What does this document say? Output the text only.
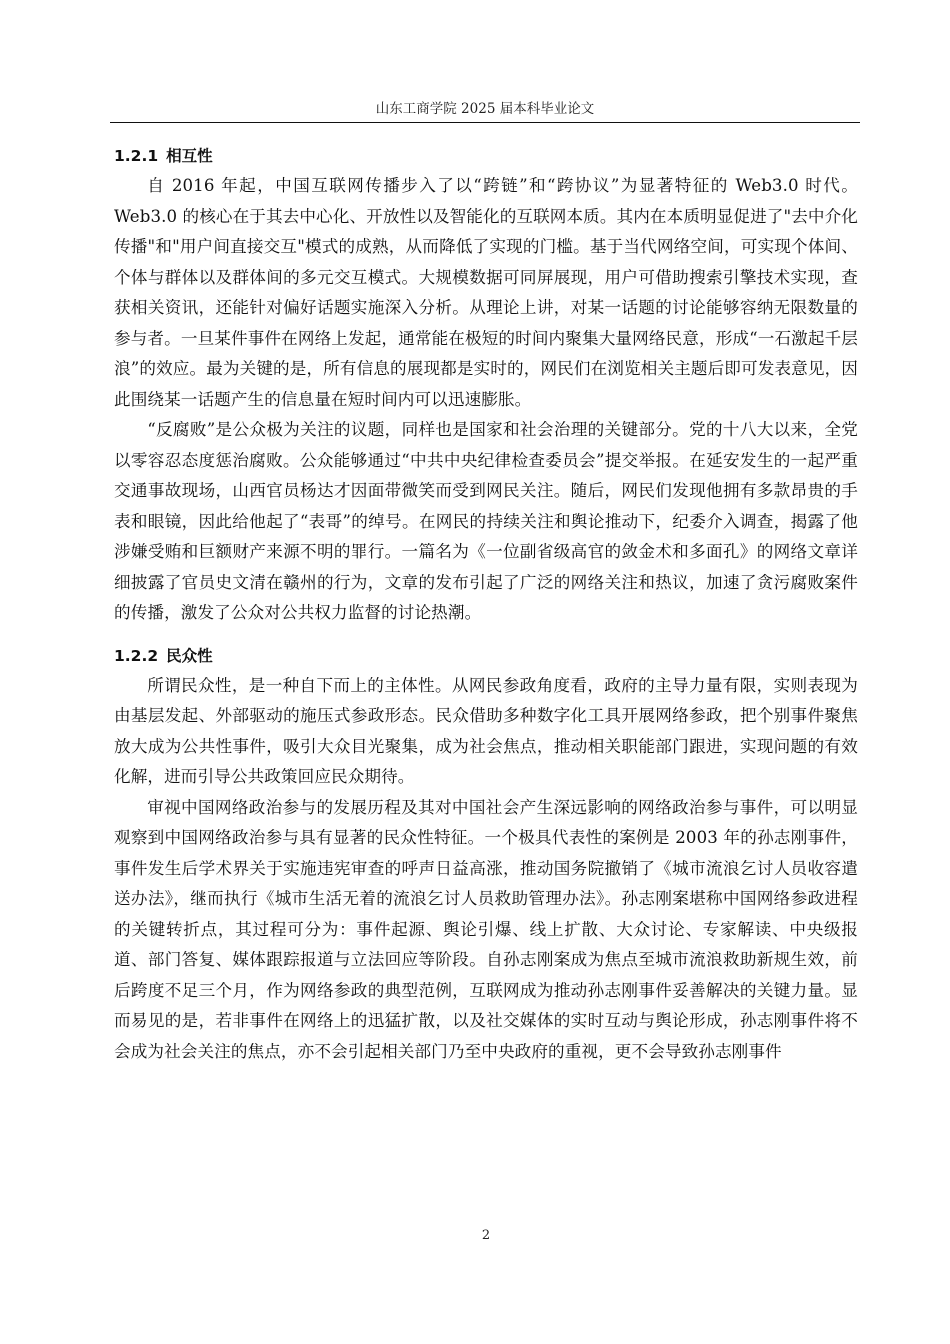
山东工商学院 2025 届本科毕业论文
1.2.1 相互性

自 2016 年起，中国互联网传播步入了以“跨链”和“跨协议”为显著特征的 Web3.0 时代。Web3.0 的核心在于其去中心化、开放性以及智能化的互联网本质。其内在本质明显促进了"去中介化传播"和"用户间直接交互"模式的成熟，从而降低了实现的门槛。基于当代网络空间，可实现个体间、个体与群体以及群体间的多元交互模式。大规模数据可同屏展现，用户可借助搜索引擎技术实现，查获相关资讯，还能针对偏好话题实施深入分析。从理论上讲，对某一话题的讨论能够容纳无限数量的参与者。一旦某件事件在网络上发起，通常能在极短的时间内聚集大量网络民意，形成“一石激起千层浪”的效应。最为关键的是，所有信息的展现都是实时的，网民们在浏览相关主题后即可发表意见，因此围绕某一话题产生的信息量在短时间内可以迅速膨胀。

“反腐败”是公众极为关注的议题，同样也是国家和社会治理的关键部分。党的十八大以来，全党以零容忍态度惩治腐败。公众能够通过“中共中央纪律检查委员会”提交举报。在延安发生的一起严重交通事故现场，山西官员杨达才因面带微笑而受到网民关注。随后，网民们发现他拥有多款昂贵的手表和眼镜，因此给他起了“表哥”的绰号。在网民的持续关注和舆论推动下，纪委介入调查，揭露了他涉嫌受贿和巨额财产来源不明的罪行。一篇名为《一位副省级高官的敛金术和多面孔》的网络文章详细披露了官员史文清在赣州的行为，文章的发布引起了广泛的网络关注和热议，加速了贪污腐败案件的传播，激发了公众对公共权力监督的讨论热潮。

1.2.2 民众性

所谓民众性，是一种自下而上的主体性。从网民参政角度看，政府的主导力量有限，实则表现为由基层发起、外部驱动的施压式参政形态。民众借助多种数字化工具开展网络参政，把个别事件聚焦放大成为公共性事件，吸引大众目光聚集，成为社会焦点，推动相关职能部门跟进，实现问题的有效化解，进而引导公共政策回应民众期待。

审视中国网络政治参与的发展历程及其对中国社会产生深远影响的网络政治参与事件，可以明显观察到中国网络政治参与具有显著的民众性特征。一个极具代表性的案例是 2003 年的孙志刚事件，事件发生后学术界关于实施违宪审查的呼声日益高涨，推动国务院撤销了《城市流浪乞讨人员收容遣送办法》，继而执行《城市生活无着的流浪乞讨人员救助管理办法》。孙志刚案堪称中国网络参政进程的关键转折点，其过程可分为：事件起源、舆论引爆、线上扩散、大众讨论、专家解读、中央级报道、部门答复、媒体跟踪报道与立法回应等阶段。自孙志刚案成为焦点至城市流浪救助新规生效，前后跨度不足三个月，作为网络参政的典型范例，互联网成为推动孙志刚事件妥善解决的关键力量。显而易见的是，若非事件在网络上的迅猛扩散，以及社交媒体的实时互动与舆论形成，孙志刚事件将不会成为社会关注的焦点，亦不会引起相关部门乃至中央政府的重视，更不会导致孙志刚事件

2
